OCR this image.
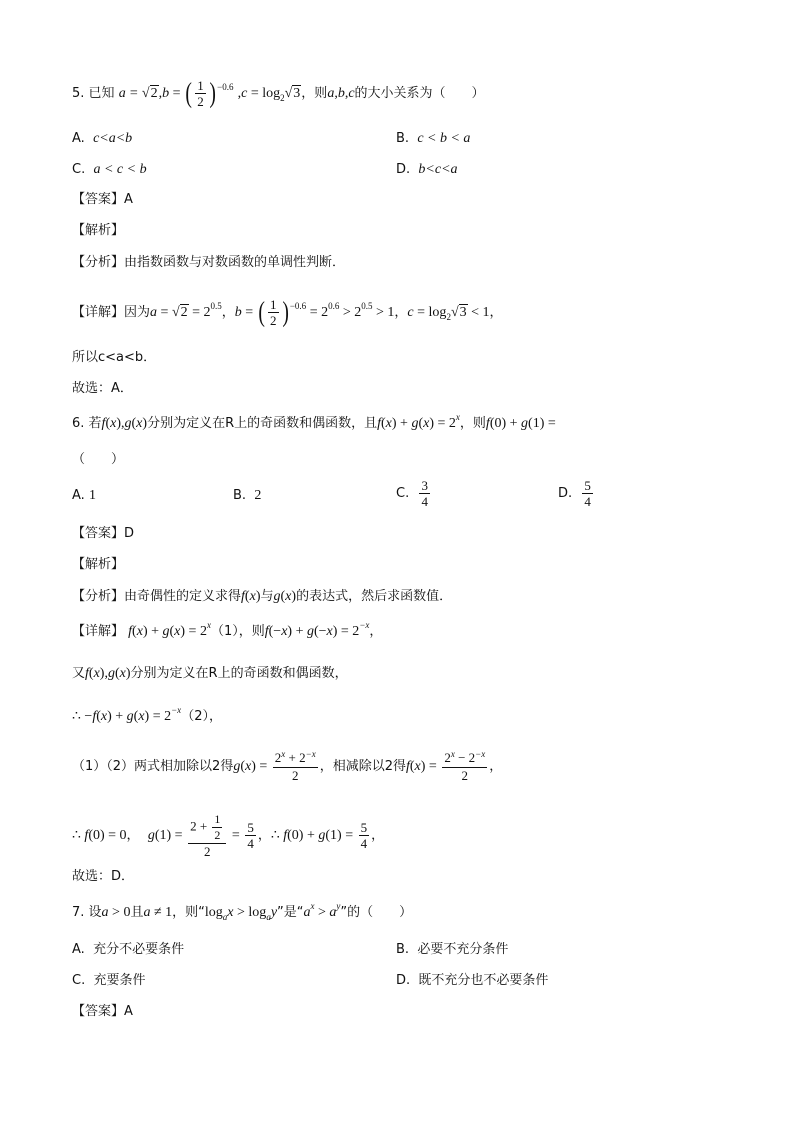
5. 已知 a = √2,b = ( $\frac{1}{2} )^{-0.6}$ $,c = \log_2√3$，则a,b,c的大小关系为（　　）
A. c<a<b	B. c < b < a
C. a < c < b	D. b<c<a
【答案】A
【解析】
【分析】由指数函数与对数函数的单调性判断．
【详解】因为$a = √2 = 2^{0.5}$，b = ( $\frac{1}{2} )^{-0.6} = 2^{0.6} > 2^{0.5} > 1$，$c = \log_2√3 < 1$，
所以c<a<b．
故选：A．
6. 若f(x),g(x)分别为定义在R上的奇函数和偶函数，且$f(x) + g(x) = 2^x$，则f(0) + g(1) =
（　　）
A. 1	B. 2	C. $\frac{3}{4}$	D. $\frac{5}{4}$
【答案】D
【解析】
【分析】由奇偶性的定义求得f(x)与g(x)的表达式，然后求函数值．
【详解】 $f(x) + g(x) = 2^x(1)$，则$f(-x) + g(-x) = 2^{-x}$，
又f(x),g(x)分别为定义在R上的奇函数和偶函数，
∴ $-f(x) + g(x) = 2^{-x}(2)$，
（1）（2）两式相加除以2得$g(x) = \frac{2^x + 2^{-x}}{2}$ ，相减除以2得$f(x) = \frac{2^x - 2^{-x}}{2}$ ，
∴ f(0) = 0， $g(1) = \frac{2 + \frac{1}{2}}{2} = \frac{5}{4}$ ，∴ $f(0) + g(1) = \frac{5}{4}$ ，
故选：D．
7. 设a > 0且a ≠ 1，则“$\log_ax > \log_ay$”是“$a^x > a^y$”的（　　）
A. 充分不必要条件	B. 必要不充分条件
C. 充要条件	D. 既不充分也不必要条件
【答案】A
